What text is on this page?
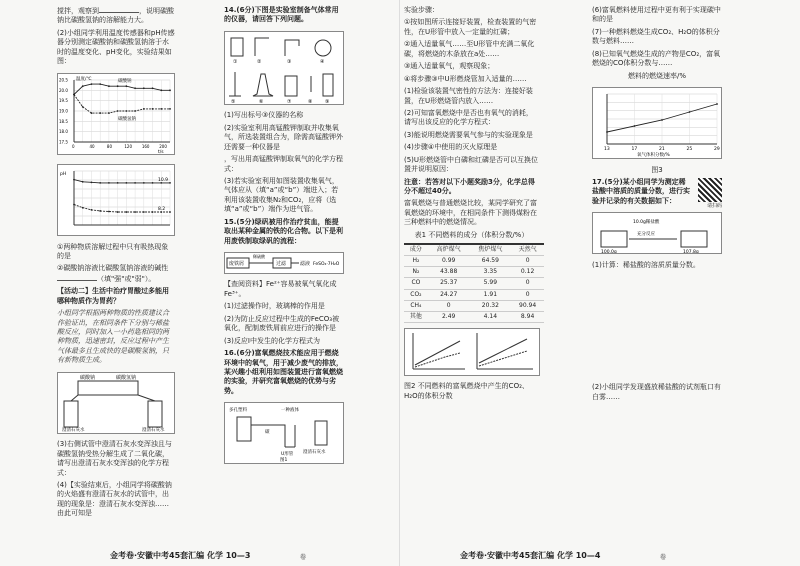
搅拌，观察到	，说明碳酸钠比碳酸氢钠的溶解能力大。

(2)小组同学利用温度传感器和pH传感器分别测定碳酸钠和碳酸氢钠溶于水时的温度变化、pH变化，实验结果如图：

0	40	80	120 160 200
17.5
18.0
18.5
19.0
19.5
20.0
20.5
t/s
温度/℃	碳酸钠
碳酸氢钠

10.9
8.2
pH

①两种物质溶解过程中只有吸热现象的是

②碳酸钠溶液比碳酸氢钠溶液的碱性（填"强"或"弱"）。

【活动二】生活中治疗胃酸过多能用哪种物质作为胃药？

小组同学根据两种物质的性质建议合作验证出，在相同条件下分别与稀盐酸反应，同时加入一小药匙相同的两种物质，迅速密封，反应过程中产生气体最多且生成快的是碳酸氢钠，只有新物质生成。

碳酸钠	碳酸氢钠
澄清石灰水	澄清石灰水

(3)右侧试管中澄清石灰水变浑浊且与碳酸氢钠受热分解生成了二氧化碳，请写出澄清石灰水变浑浊的化学方程式：

(4)【实验结束后，小组同学将碳酸钠的火焰盛有澄清石灰水的试管中，出现的现象是：澄清石灰水变浑浊……由此可知是

14.(6分)下图是实验室制备气体常用的仪器，请回答下列问题。

①	②	③	④
⑤	⑥	⑦	⑧	⑨

(1)写出标号③仪器的名称

(2)实验室利用高锰酸钾制取并收集氧气，所选装置组合为，除需高锰酸钾外还需要一种仪器是

，写出用高锰酸钾制取氧气的化学方程式：

(3)若实验室利用如图装置收集氧气，气体应从（填“a”或“b”）端进入；若利用该装置收集N₂和CO₂，应将（选填“a”或“b”）端作为进气管。

15.(5分)绿矾被用作治疗贫血，能提取出某种金属的铁的化合物。以下是利用废铁制取绿矾的流程：

废铁屑
稀硫酸
过滤	滤液 FeSO₄·7H₂O

【查阅资料】Fe²⁺容易被氧气氧化成Fe³⁺。

(1)过滤操作时，玻璃棒的作用是

(2)为防止反应过程中生成的FeCO₃被氧化，配制废铁屑前应进行的操作是

(3)反应Ⅰ中发生的化学方程式为

16.(6分)富氧燃烧技术能应用于燃烧环境中的氧气，用于减少废气的排放，某兴趣小组利用如图装置进行富氧燃烧的实验，并研究富氧燃烧的优势与劣势。

多孔塑料	一种液体
碳
澄清石灰水
U形管
图1
金考卷·安徽中考45套汇编 化学 10—3	卷

实验步骤：

①按如图所示连接好装置，检查装置的气密性，在U形管中放入一定量的红磷；

②通入适量氧气……至U形管中充满二氧化碳，将燃烧的木条放在a处……

③通入适量氧气，观察现象；

④将步骤③中U形燃烧管加入适量的……

(1)检验该装置气密性的方法为：连接好装置，在U形燃烧管内放入……

(2)可知富氧燃烧中是否也有氧气的消耗，请写出该反应的化学方程式：

(3)能说明燃烧需要氧气参与的实验现象是

(4)步骤④中使用的灭火原理是

(5)U形燃烧管中白磷和红磷是否可以互换位置并说明原因：

注意：若答对以下小题奖励3分，化学总得分不超过40分。

富氧燃烧与普通燃烧比较，某同学研究了富氧燃烧的环境中，在相同条件下测得煤粉在三种燃料中的燃烧情况。

表1 不同燃料的成分（体积分数/%）

成分	高炉煤气	焦炉煤气	天然气
H₂	0.99	64.59	0
N₂	43.88	3.35	0.12
CO	25.37	5.99	0
CO₂	24.27	1.91	0
CH₄	0	20.32	90.94
其他	2.49	4.14	8.94

图2 不同燃料的富氧燃烧中产生的CO₂、H₂O的体积分数

(6)富氧燃料使用过程中更有利于实现碳中和的是

(7)一种燃料燃烧生成CO₂、H₂O的体积分数与燃料……

(8)已知氧气燃烧生成的产物是CO₂，富氧燃烧的CO体积分数与……

燃料的燃烧速率/%

13	17	21	25	29
氧气体积分数/%

图3

17.(5分)某小组同学为测定稀盐酸中溶质的质量分数，进行实验并记录的有关数据如下：

请扫码
10.0g稀盐酸
100.0g
充分反应
107.8g

(1)计算：稀盐酸的溶质质量分数。

(2)小组同学发现盛放稀盐酸的试剂瓶口有白雾……

金考卷·安徽中考45套汇编 化学 10—4	卷
